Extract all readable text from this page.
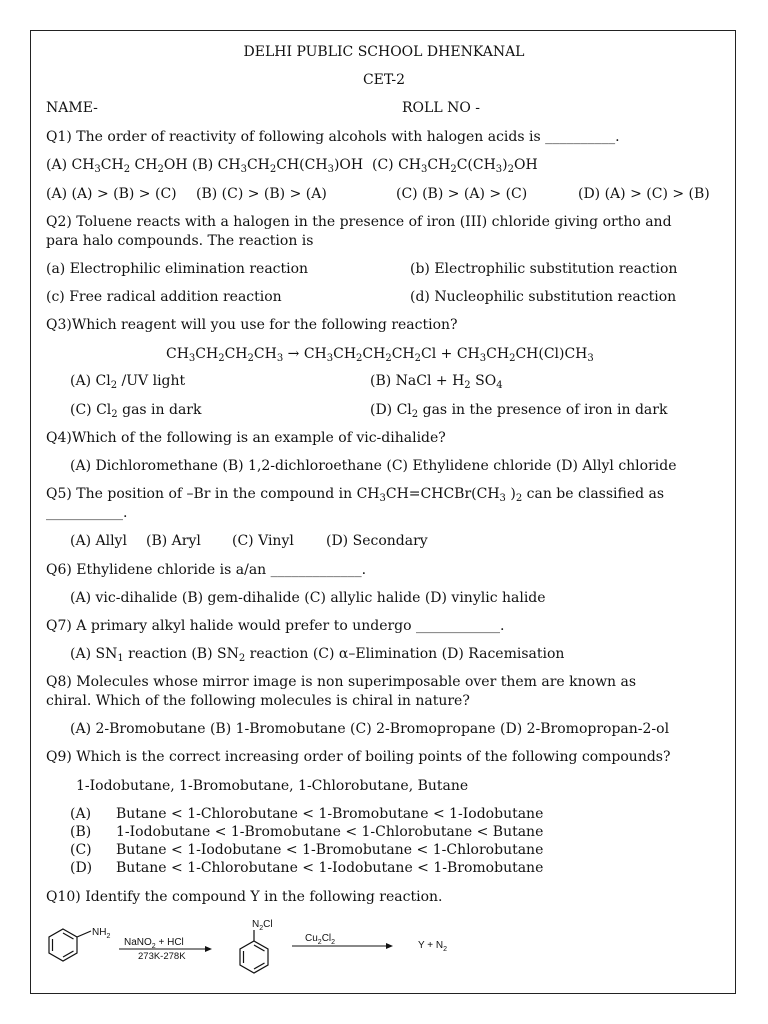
DELHI PUBLIC SCHOOL DHENKANAL
CET-2
NAME-	ROLL NO -
Q1) The order of reactivity of following alcohols with halogen acids is __________.
(A) $CH_3CH_2$ $CH_2OH$ (B) $CH_3CH_2CH(CH_3)OH$ (C) $CH_3CH_2C(CH_3)_2OH$
(A) (A) > (B) > (C) (B) (C) > (B) > (A)	(C) (B) > (A) > (C)	(D) (A) > (C) > (B)
Q2) Toluene reacts with a halogen in the presence of iron (III) chloride giving ortho and
para halo compounds. The reaction is
(a) Electrophilic elimination reaction	(b) Electrophilic substitution reaction
(c) Free radical addition reaction	(d) Nucleophilic substitution reaction
Q3)Which reagent will you use for the following reaction?
$CH_3CH_2CH_2CH_3 \to CH_3CH_2CH_2CH_2Cl + CH_3CH_2CH(Cl)CH_3$
(A) $Cl_2$ /UV light	(B) NaCl + $H_2$ $SO_4$
(C) $Cl_2$ gas in dark	(D) $Cl_2$ gas in the presence of iron in dark
Q4)Which of the following is an example of vic-dihalide?
(A) Dichloromethane (B) 1,2-dichloroethane (C) Ethylidene chloride (D) Allyl chloride
Q5) The position of –Br in the compound in $CH_3CH=CHCBr(CH_3$ )$_2$ can be classified as
___________.
(A) Allyl (B) Aryl (C) Vinyl (D) Secondary
Q6) Ethylidene chloride is a/an _____________.
(A) vic-dihalide (B) gem-dihalide (C) allylic halide (D) vinylic halide
Q7) A primary alkyl halide would prefer to undergo ____________.
(A) $SN_1$ reaction (B) $SN_2$ reaction (C) α–Elimination (D) Racemisation
Q8) Molecules whose mirror image is non superimposable over them are known as
chiral. Which of the following molecules is chiral in nature?
(A) 2-Bromobutane (B) 1-Bromobutane (C) 2-Bromopropane (D) 2-Bromopropan-2-ol
Q9) Which is the correct increasing order of boiling points of the following compounds?
1-Iodobutane, 1-Bromobutane, 1-Chlorobutane, Butane
(A) Butane < 1-Chlorobutane < 1-Bromobutane < 1-Iodobutane
(B) 1-Iodobutane < 1-Bromobutane < 1-Chlorobutane < Butane
(C) Butane < 1-Iodobutane < 1-Bromobutane < 1-Chlorobutane
(D) Butane < 1-Chlorobutane < 1-Iodobutane < 1-Bromobutane
Q10) Identify the compound Y in the following reaction.
$NH_2$
NaNO$_2$ + HCl
273K-278K
$N_2Cl$
$Cu_2Cl_2$	$Y + N_2$
